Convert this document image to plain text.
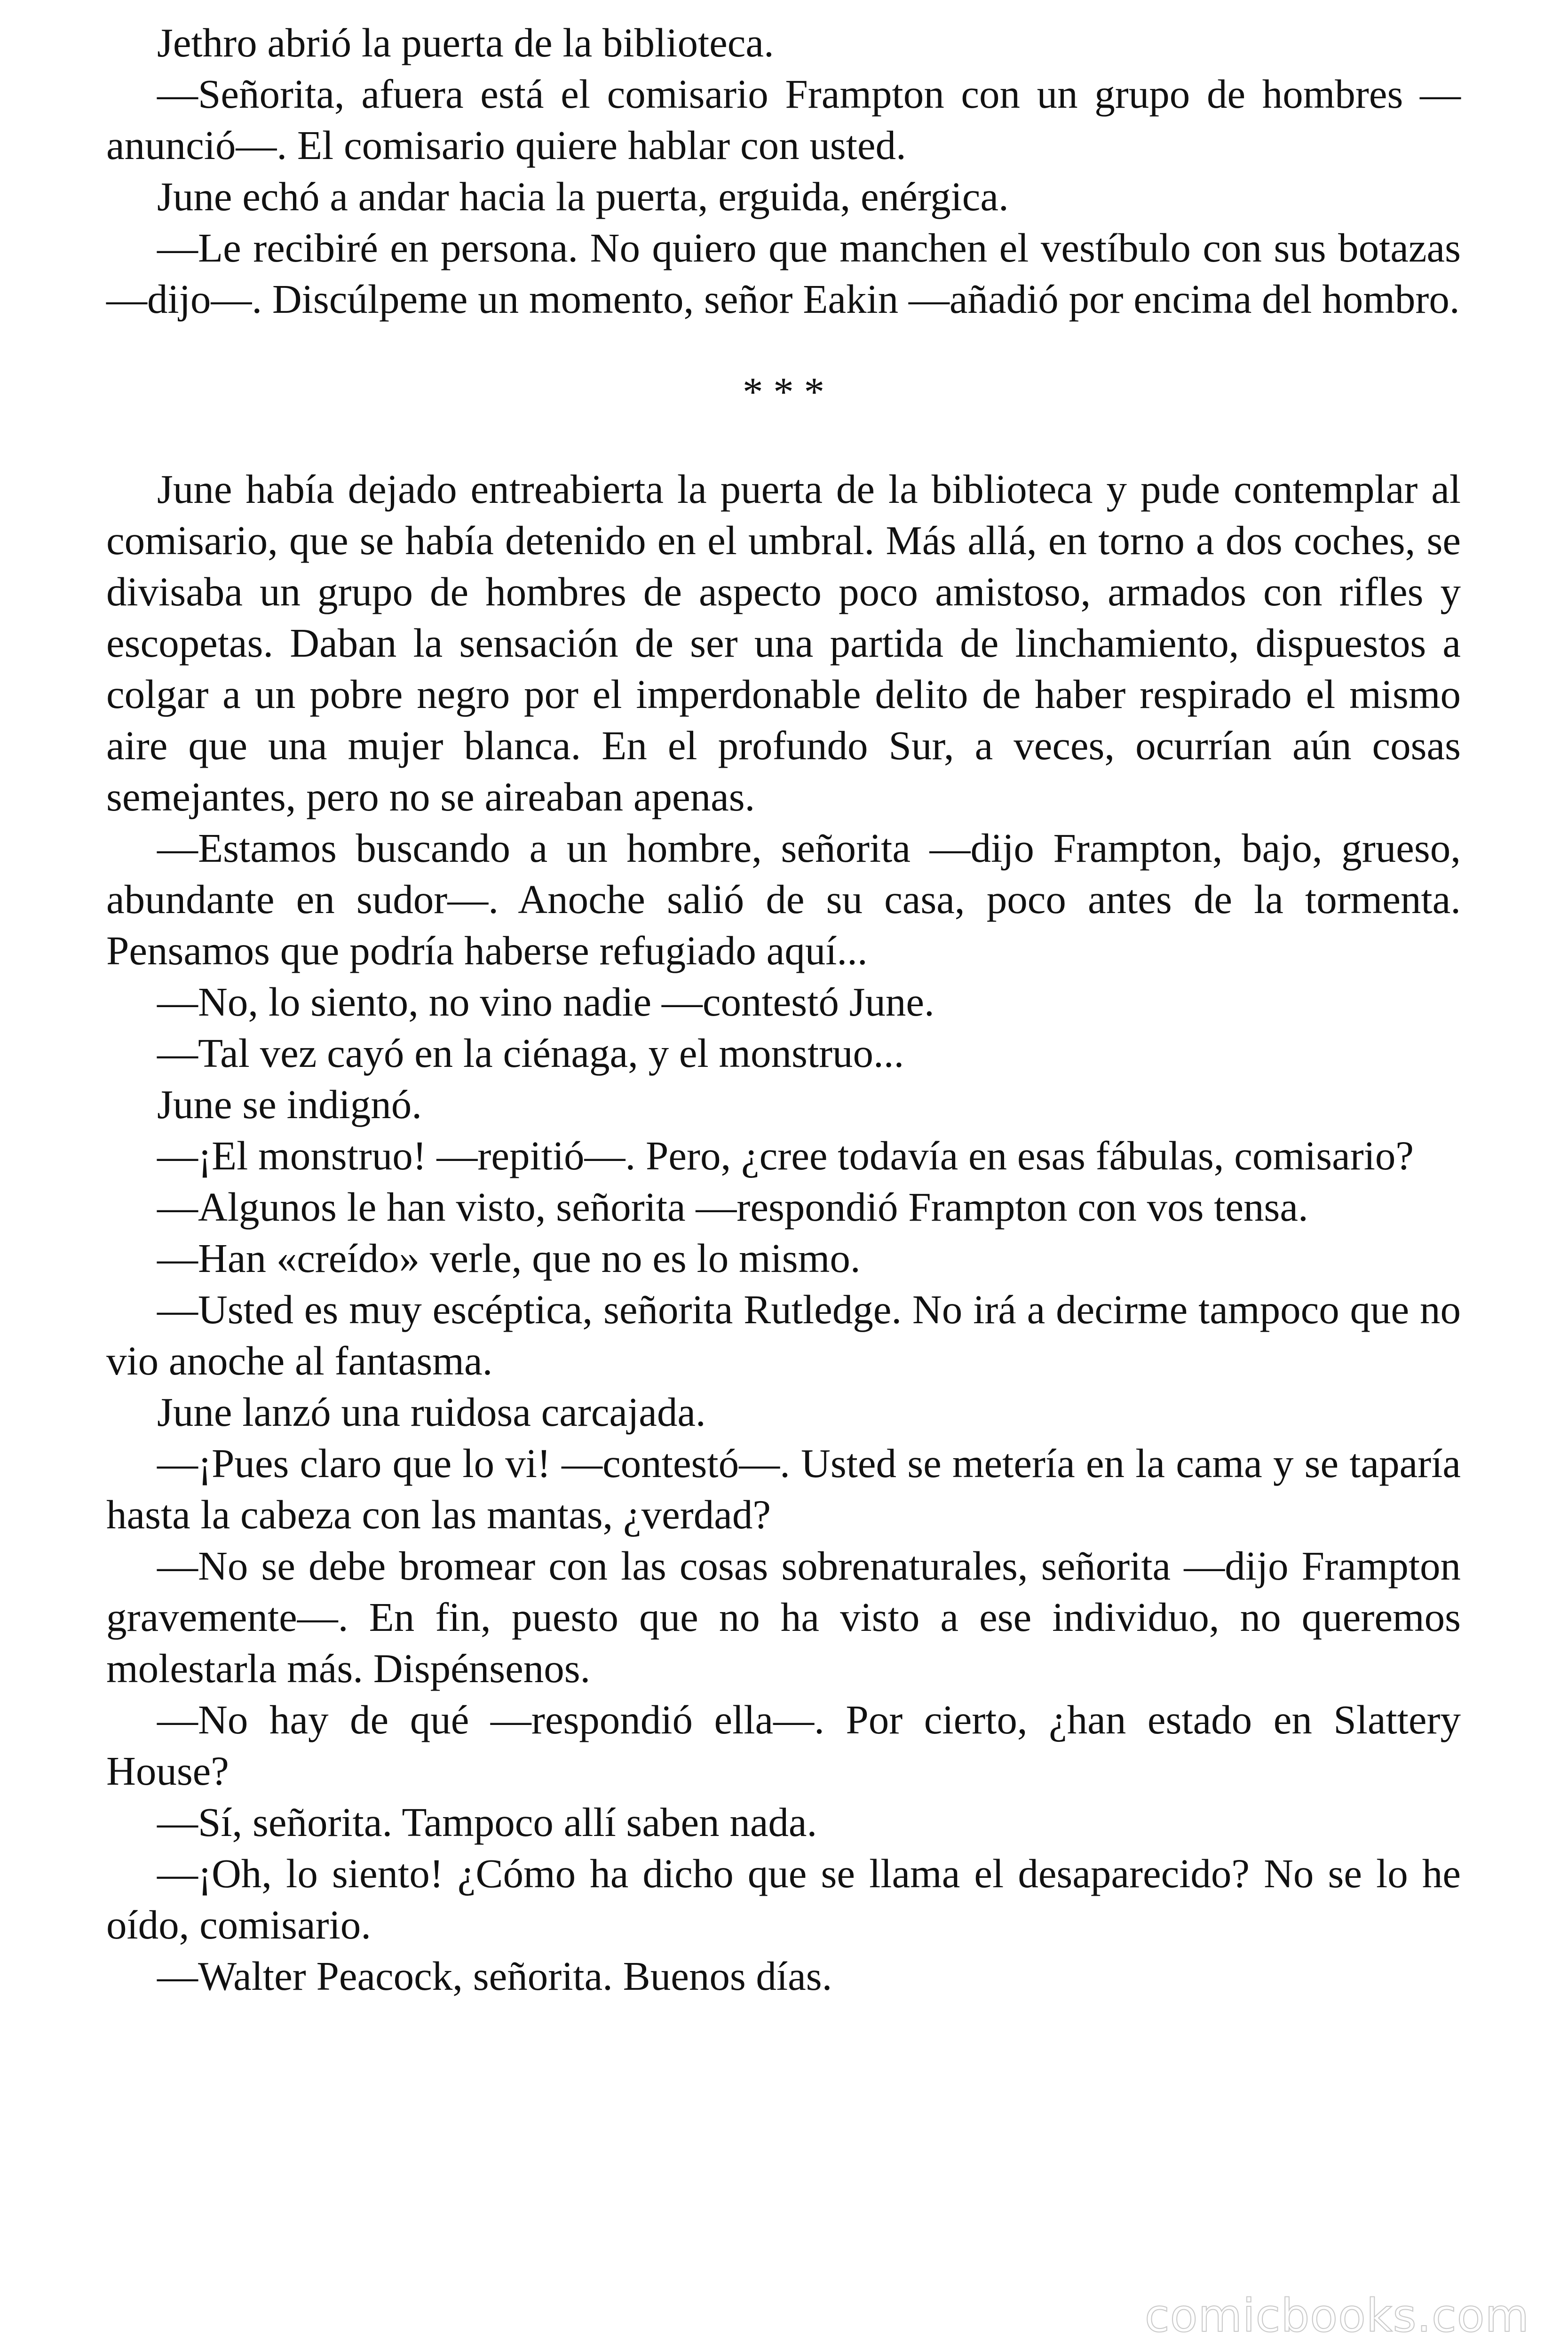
Jethro abrió la puerta de la biblioteca.

—Señorita, afuera está el comisario Frampton con un grupo de hombres —anunció—. El comisario quiere hablar con usted.

June echó a andar hacia la puerta, erguida, enérgica.

—Le recibiré en persona. No quiero que manchen el vestíbulo con sus botazas —dijo—. Discúlpeme un momento, señor Eakin —añadió por encima del hombro.

* * *

June había dejado entreabierta la puerta de la biblioteca y pude contemplar al comisario, que se había detenido en el umbral. Más allá, en torno a dos coches, se divisaba un grupo de hombres de aspecto poco amistoso, armados con rifles y escopetas. Daban la sensación de ser una partida de linchamiento, dispuestos a colgar a un pobre negro por el imperdonable delito de haber respirado el mismo aire que una mujer blanca. En el profundo Sur, a veces, ocurrían aún cosas semejantes, pero no se aireaban apenas.

—Estamos buscando a un hombre, señorita —dijo Frampton, bajo, grueso, abundante en sudor—. Anoche salió de su casa, poco antes de la tormenta. Pensamos que podría haberse refugiado aquí...

—No, lo siento, no vino nadie —contestó June.

—Tal vez cayó en la ciénaga, y el monstruo...

June se indignó.

—¡El monstruo! —repitió—. Pero, ¿cree todavía en esas fábulas, comisario?

—Algunos le han visto, señorita —respondió Frampton con vos tensa.

—Han «creído» verle, que no es lo mismo.

—Usted es muy escéptica, señorita Rutledge. No irá a decirme tampoco que no vio anoche al fantasma.

June lanzó una ruidosa carcajada.

—¡Pues claro que lo vi! —contestó—. Usted se metería en la cama y se taparía hasta la cabeza con las mantas, ¿verdad?

—No se debe bromear con las cosas sobrenaturales, señorita —dijo Frampton gravemente—. En fin, puesto que no ha visto a ese individuo, no queremos molestarla más. Dispénsenos.

—No hay de qué —respondió ella—. Por cierto, ¿han estado en Slattery House?

—Sí, señorita. Tampoco allí saben nada.

—¡Oh, lo siento! ¿Cómo ha dicho que se llama el desaparecido? No se lo he oído, comisario.

—Walter Peacock, señorita. Buenos días.

comicbooks.com
